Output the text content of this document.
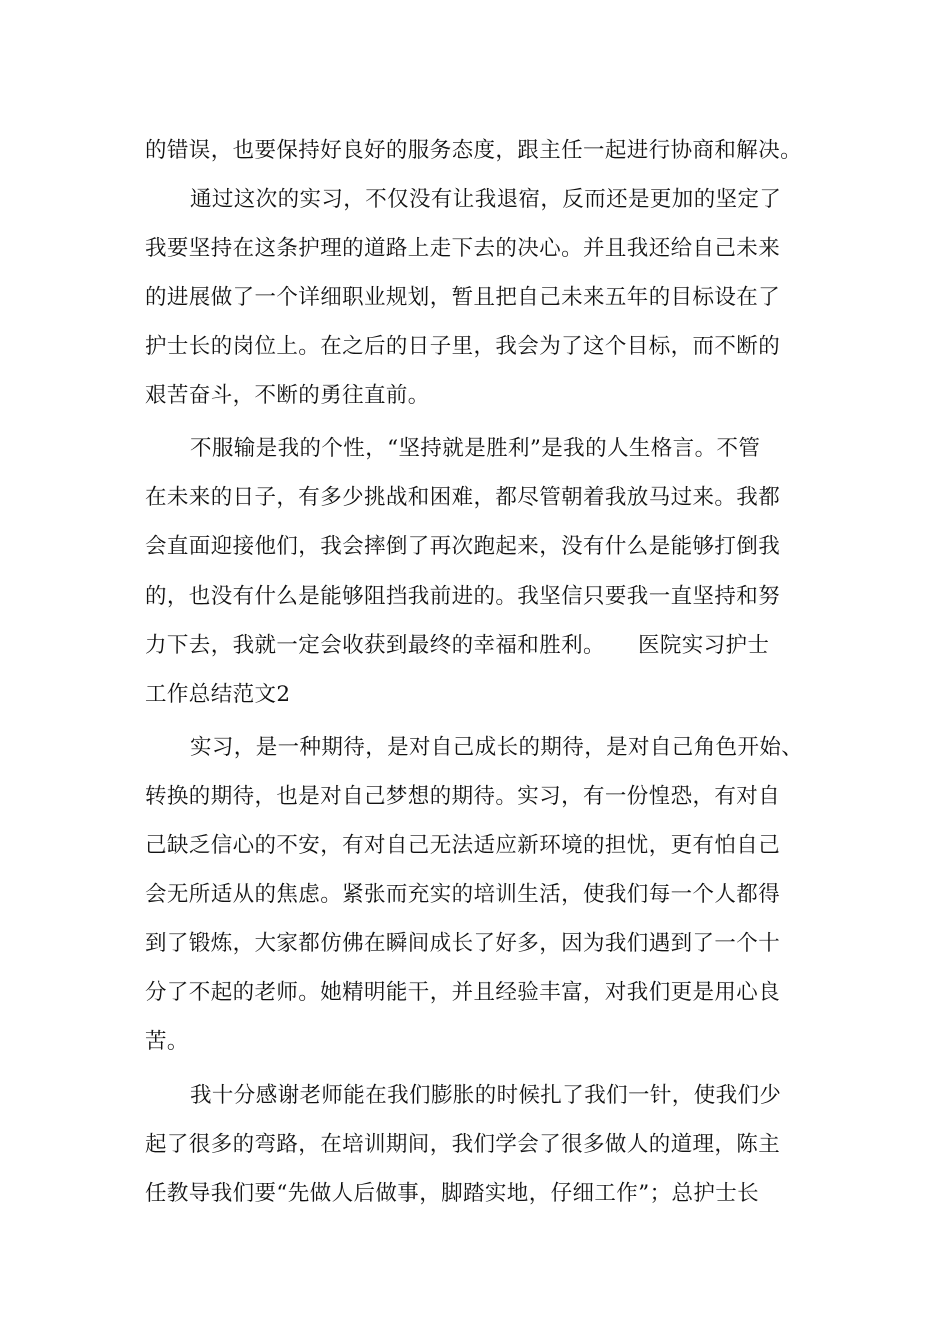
的错误，也要保持好良好的服务态度，跟主任一起进行协商和解决。
通过这次的实习，不仅没有让我退宿，反而还是更加的坚定了
我要坚持在这条护理的道路上走下去的决心。并且我还给自己未来
的进展做了一个详细职业规划，暂且把自己未来五年的目标设在了
护士长的岗位上。在之后的日子里，我会为了这个目标，而不断的
艰苦奋斗，不断的勇往直前。
不服输是我的个性，“坚持就是胜利”是我的人生格言。不管
在未来的日子，有多少挑战和困难，都尽管朝着我放马过来。我都
会直面迎接他们，我会摔倒了再次跑起来，没有什么是能够打倒我
的，也没有什么是能够阻挡我前进的。我坚信只要我一直坚持和努
力下去，我就一定会收获到最终的幸福和胜利。　　医院实习护士
工作总结范文2
实习，是一种期待，是对自己成长的期待，是对自己角色开始、
转换的期待，也是对自己梦想的期待。实习，有一份惶恐，有对自
己缺乏信心的不安，有对自己无法适应新环境的担忧，更有怕自己
会无所适从的焦虑。紧张而充实的培训生活，使我们每一个人都得
到了锻炼，大家都仿佛在瞬间成长了好多，因为我们遇到了一个十
分了不起的老师。她精明能干，并且经验丰富，对我们更是用心良
苦。
我十分感谢老师能在我们膨胀的时候扎了我们一针，使我们少
起了很多的弯路，在培训期间，我们学会了很多做人的道理，陈主
任教导我们要“先做人后做事，脚踏实地，仔细工作”；总护士长
